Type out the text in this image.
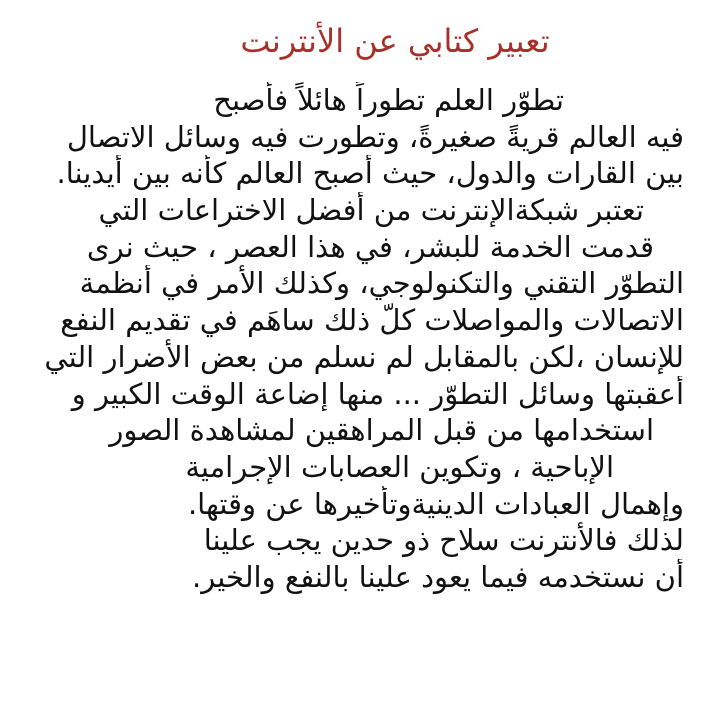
تعبير كتابي عن الأنترنت
تطوّر العلم تطوراً هائلاً فأصبح
فيه العالم قريةً صغيرةً، وتطورت فيه وسائل الاتصال
بين القارات والدول، حيث أصبح العالم كأنه بين أيدينا.
تعتبر شبكةالإنترنت من أفضل الاختراعات التي
قدمت الخدمة للبشر، في هذا العصر ، حيث نرى
التطوّر التقني والتكنولوجي، وكذلك الأمر في أنظمة
الاتصالات والمواصلات كلّ ذلك ساهَم في تقديم النفع
للإنسان ،لكن بالمقابل لم نسلم من بعض الأضرار التي
أعقبتها وسائل التطوّر ... منها إضاعة الوقت الكبير و
استخدامها من قبل المراهقين لمشاهدة الصور
الإباحية ، وتكوين العصابات الإجرامية
وإهمال العبادات الدينيةوتأخيرها عن وقتها.
لذلك فالأنترنت سلاح ذو حدين يجب علينا
أن نستخدمه فيما يعود علينا بالنفع والخير.
